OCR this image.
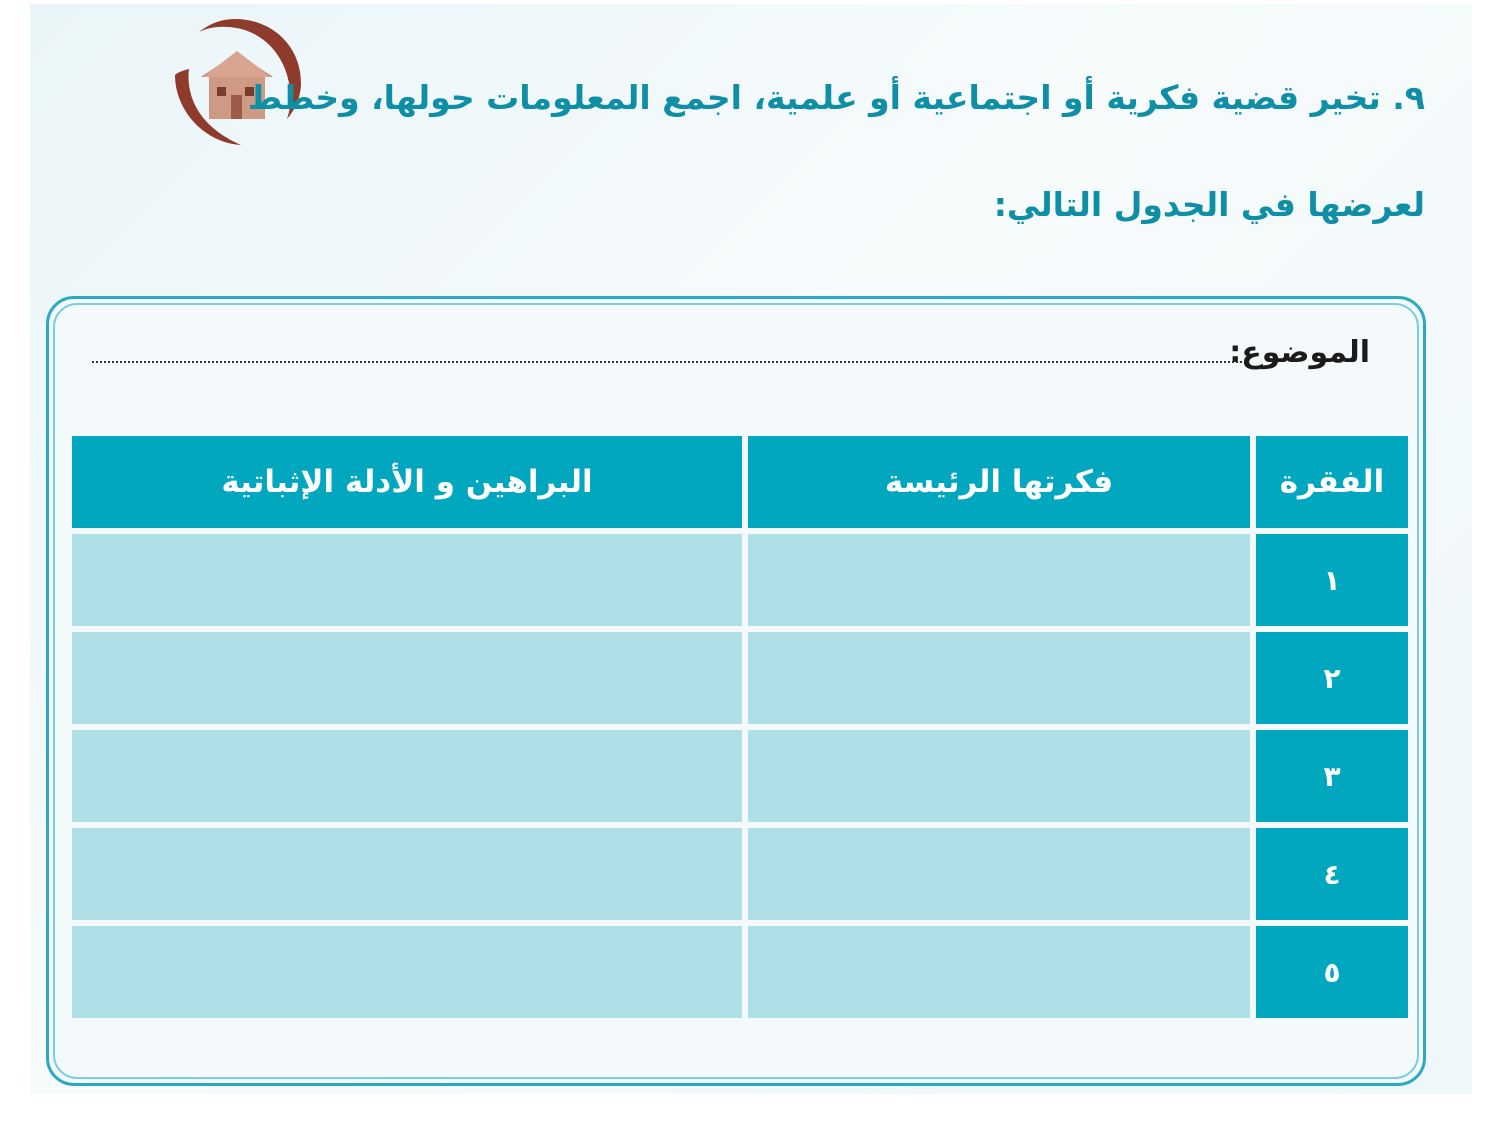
٩. تخير قضية فكرية أو اجتماعية أو علمية، اجمع المعلومات حولها، وخطط
لعرضها في الجدول التالي:
الموضوع:
الفقرة	فكرتها الرئيسة	البراهين و الأدلة الإثباتية
١		
٢		
٣		
٤		
٥		
